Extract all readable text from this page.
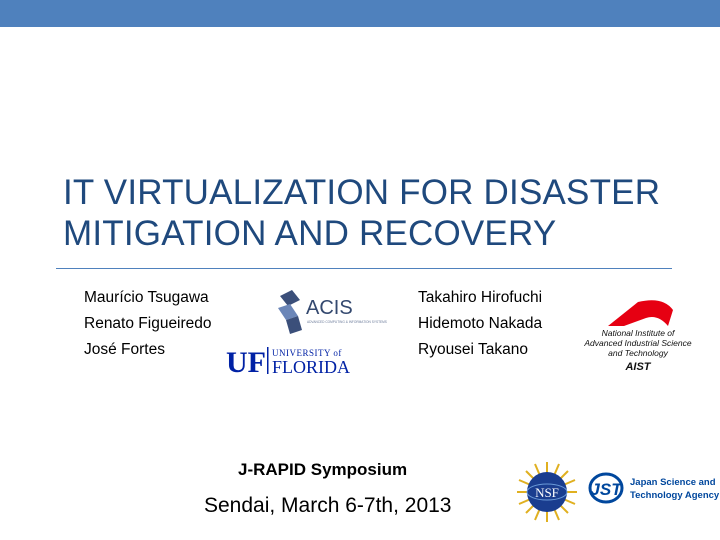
IT VIRTUALIZATION FOR DISASTER
MITIGATION AND RECOVERY
Maurício Tsugawa
Renato Figueiredo
José Fortes
Takahiro Hirofuchi
Hidemoto Nakada
Ryousei Takano
ACIS
ADVANCED COMPUTING & INFORMATION SYSTEMS
UF UNIVERSITY of
FLORIDA
National Institute of
Advanced Industrial Science
and Technology
AIST
J-RAPID Symposium
Sendai, March 6-7th, 2013
NSF JST Japan Science and
Technology Agency
